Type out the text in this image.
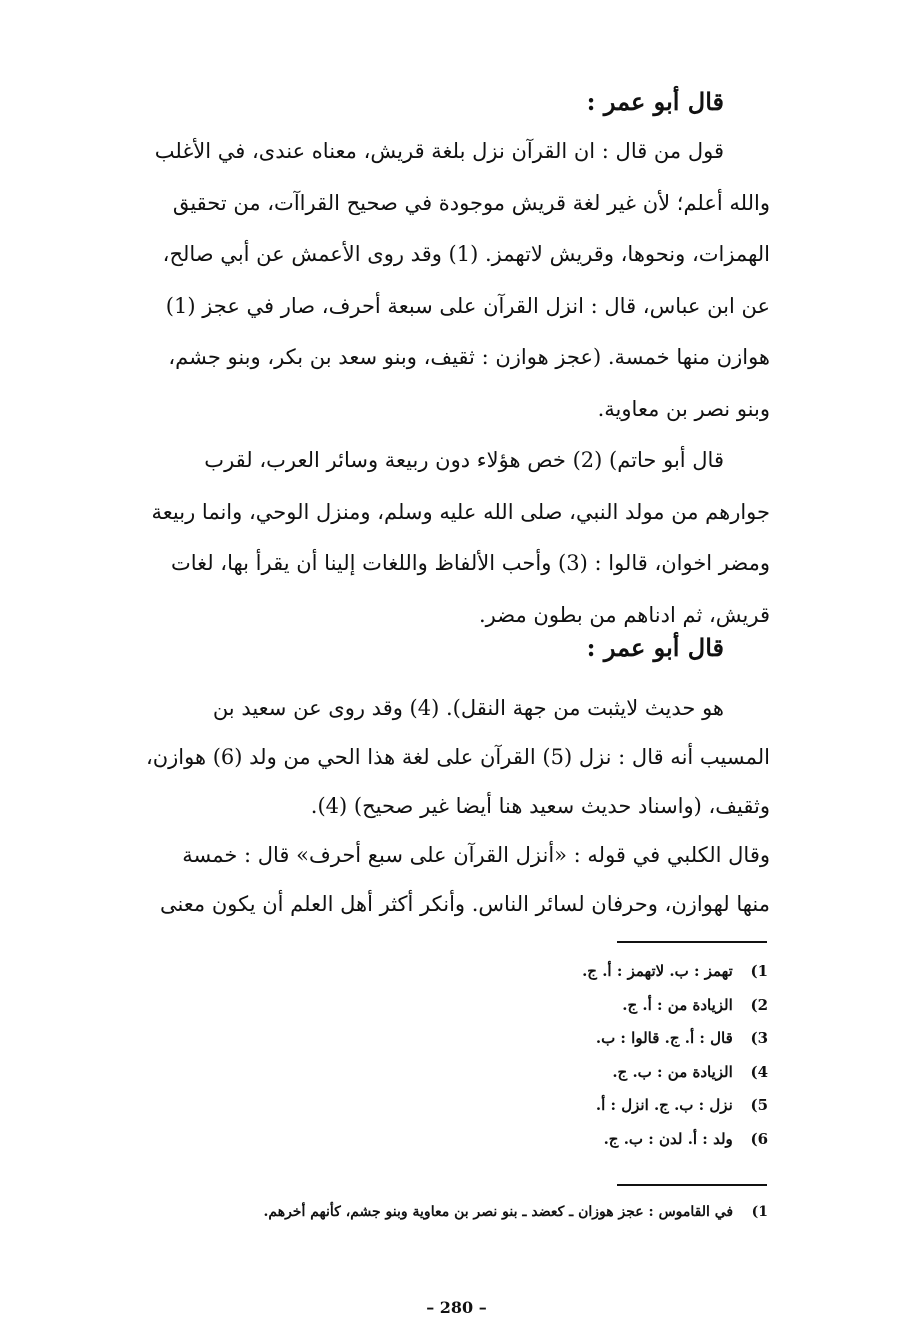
قال أبو عمر :

قول من قال : ان القرآن نزل بلغة قريش، معناه عندى، في الأغلب
والله أعلم؛ لأن غير لغة قريش موجودة في صحيح القراآت، من تحقيق
الهمزات، ونحوها، وقريش لاتهمز. (1) وقد روى الأعمش عن أبي صالح،
عن ابن عباس، قال : انزل القرآن على سبعة أحرف، صار في عجز (1)
هوازن منها خمسة. (عجز هوازن : ثقيف، وبنو سعد بن بكر، وبنو جشم،
وبنو نصر بن معاوية.

قال أبو حاتم) (2) خص هؤلاء دون ربيعة وسائر العرب، لقرب
جوارهم من مولد النبي، صلى الله عليه وسلم، ومنزل الوحي، وانما ربيعة
ومضر اخوان، قالوا : (3) وأحب الألفاظ واللغات إلينا أن يقرأ بها، لغات
قريش، ثم ادناهم من بطون مضر.

قال أبو عمر :

هو حديث لايثبت من جهة النقل). (4) وقد روى عن سعيد بن
المسيب أنه قال : نزل (5) القرآن على لغة هذا الحي من ولد (6) هوازن،
وثقيف، (واسناد حديث سعيد هنا أيضا غير صحيح) (4).

وقال الكلبي في قوله : «أنزل القرآن على سبع أحرف» قال : خمسة
منها لهوازن، وحرفان لسائر الناس. وأنكر أكثر أهل العلم أن يكون معنى

1) تهمز : ب. لاتهمز : أ. ج.
2) الزيادة من : أ. ج.
3) قال : أ. ج. قالوا : ب.
4) الزيادة من : ب. ج.
5) نزل : ب. ج. انزل : أ.
6) ولد : أ. لدن : ب. ج.
1) في القاموس : عجز هوزان ـ كعضد ـ بنو نصر بن معاوية وبنو جشم، كأنهم أخرهم.
– 280 –
